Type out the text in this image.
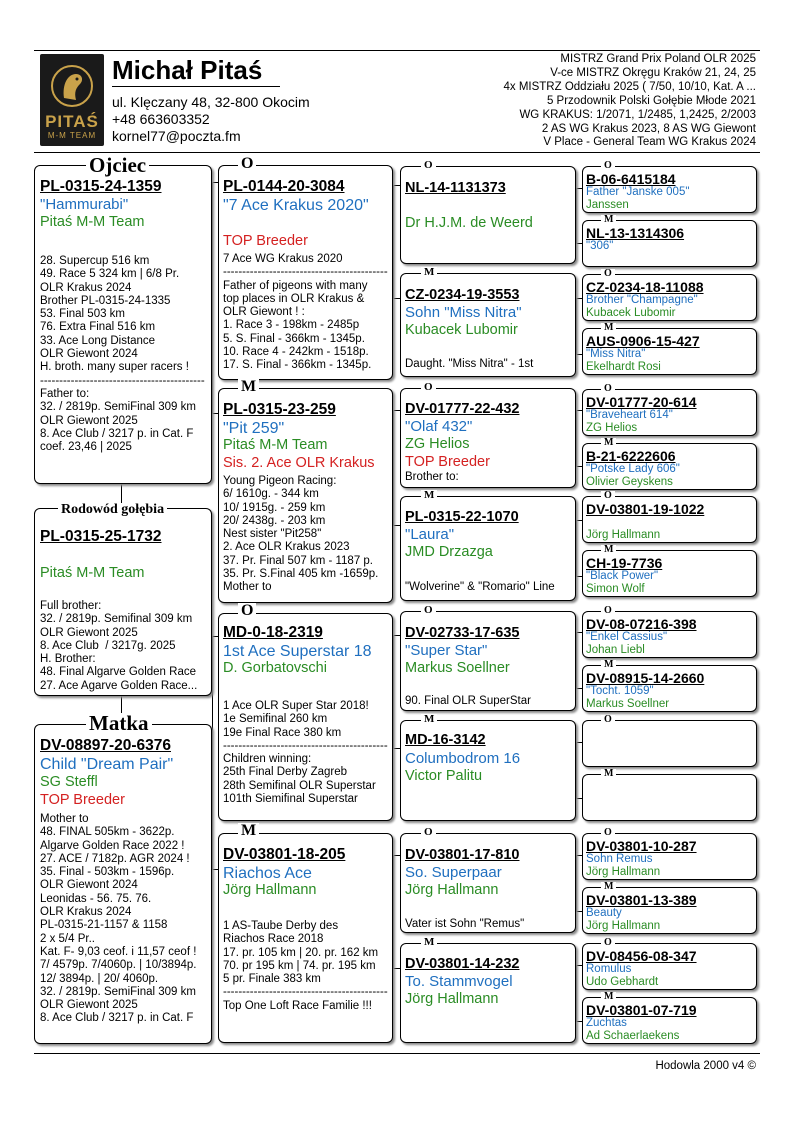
PITAŚ
M-M TEAM
Michał Pitaś
ul. Klęczany 48, 32-800 Okocim
+48 663603352
kornel77@poczta.fm
MISTRZ Grand Prix Poland OLR 2025
V-ce MISTRZ Okręgu Kraków 21, 24, 25
4x MISTRZ Oddziału 2025 ( 7/50, 10/10, Kat. A ...
5 Przodownik Polski Gołębie Młode 2021
WG KRAKUS: 1/2071, 1/2485, 1,2425, 2/2003
2 AS WG Krakus 2023, 8 AS WG Giewont
V Place - General Team WG Krakus 2024
PL-0315-24-1359
"Hammurabi"
Pitaś M-M Team
28. Supercup 516 km
49. Race 5 324 km | 6/8 Pr.
OLR Krakus 2024
Brother PL-0315-24-1335
53. Final 503 km
76. Extra Final 516 km
33. Ace Long Distance
OLR Giewont 2024
H. broth. many super racers !
-------------------------------------------
Father to:
32. / 2819p. SemiFinal 309 km
OLR Giewont 2025
8. Ace Club / 3217 p. in Cat. F
coef. 23,46 | 2025
Ojciec
PL-0315-25-1732
Pitaś M-M Team
Full brother:
32. / 2819p. Semifinal 309 km
OLR Giewont 2025
8. Ace Club  / 3217g. 2025
H. Brother:
48. Final Algarve Golden Race
27. Ace Agarve Golden Race...
Rodowód gołębia
DV-08897-20-6376
Child "Dream Pair"
SG Steffl
TOP Breeder
Mother to
48. FINAL 505km - 3622p.
Algarve Golden Race 2022 !
27. ACE / 7182p. AGR 2024 !
35. Final - 503km - 1596p.
OLR Giewont 2024
Leonidas - 56. 75. 76.
OLR Krakus 2024
PL-0315-21-1157 & 1158
2 x 5/4 Pr..
Kat. F- 9,03 ceof. i 11,57 ceof !
7/ 4579p. 7/4060p. | 10/3894p.
12/ 3894p. | 20/ 4060p.
32. / 2819p. SemiFinal 309 km
OLR Giewont 2025
8. Ace Club / 3217 p. in Cat. F
Matka
PL-0144-20-3084
"7 Ace Krakus 2020"
TOP Breeder
7 Ace WG Krakus 2020
-------------------------------------------
Father of pigeons with many
top places in OLR Krakus &
OLR Giewont ! :
1. Race 3 - 198km - 2485p
5. S. Final - 366km - 1345p.
10. Race 4 - 242km - 1518p.
17. S. Final - 366km - 1345p.
O
PL-0315-23-259
"Pit 259"
Pitaś M-M Team
Sis. 2. Ace OLR Krakus
Young Pigeon Racing:
6/ 1610g. - 344 km
10/ 1915g. - 259 km
20/ 2438g. - 203 km
Nest sister "Pit258"
2. Ace OLR Krakus 2023
37. Pr. Final 507 km - 1187 p.
35. Pr. S.Final 405 km -1659p.
Mother to
M
MD-0-18-2319
1st Ace Superstar 18
D. Gorbatovschi
1 Ace OLR Super Star 2018!
1e Semifinal 260 km
19e Final Race 380 km
-------------------------------------------
Children winning:
25th Final Derby Zagreb
28th Semifinal OLR Superstar
101th Siemifinal Superstar
O
DV-03801-18-205
Riachos Ace
Jörg Hallmann
1 AS-Taube Derby des
Riachos Race 2018
17. pr. 105 km | 20. pr. 162 km
70. pr 195 km | 74. pr. 195 km
5 pr. Finale 383 km
-------------------------------------------
Top One Loft Race Familie !!!
M
NL-14-1131373
Dr H.J.M. de Weerd
O
CZ-0234-19-3553
Sohn "Miss Nitra"
Kubacek Lubomir
Daught. "Miss Nitra" - 1st
M
DV-01777-22-432
"Olaf 432"
ZG Helios
TOP Breeder
Brother to:
O
PL-0315-22-1070
"Laura"
JMD Drzazga
"Wolverine" & "Romario" Line
M
DV-02733-17-635
"Super Star"
Markus Soellner
90. Final OLR SuperStar
O
MD-16-3142
Columbodrom 16
Victor Palitu
M
DV-03801-17-810
So. Superpaar
Jörg Hallmann
Vater ist Sohn "Remus"
O
DV-03801-14-232
To. Stammvogel
Jörg Hallmann
M
B-06-6415184
Father "Janske 005"
Janssen
O
NL-13-1314306
"306"
M
CZ-0234-18-11088
Brother "Champagne"
Kubacek Lubomir
O
AUS-0906-15-427
"Miss Nitra"
Ekelhardt Rosi
M
DV-01777-20-614
"Braveheart 614"
ZG Helios
O
B-21-6222606
"Potske Lady 606"
Olivier Geyskens
M
DV-03801-19-1022
Jörg Hallmann
O
CH-19-7736
"Black Power"
Simon Wolf
M
DV-08-07216-398
"Enkel Cassius"
Johan Liebl
O
DV-08915-14-2660
"Tocht. 1059"
Markus Soellner
M
O
M
DV-03801-10-287
Sohn Remus
Jörg Hallmann
O
DV-03801-13-389
Beauty
Jörg Hallmann
M
DV-08456-08-347
Romulus
Udo Gebhardt
O
DV-03801-07-719
Zuchtas
Ad Schaerlaekens
M
Hodowla 2000 v4 ©
